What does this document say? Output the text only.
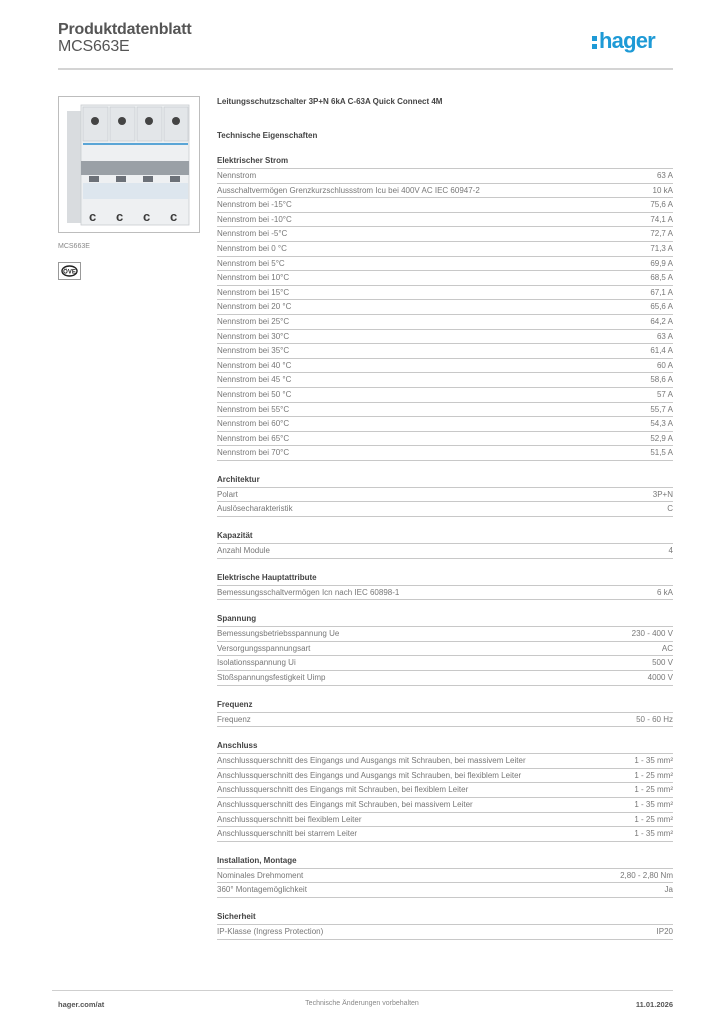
Produktdatenblatt
MCS663E	hager
c c c c
MCS663E
ÖVE
Leitungsschutzschalter 3P+N 6kA C-63A Quick Connect 4M
Technische Eigenschaften
Elektrischer Strom
Nennstrom	63 A
Ausschaltvermögen Grenzkurzschlussstrom Icu bei 400V AC IEC 60947-2	10 kA
Nennstrom bei -15°C	75,6 A
Nennstrom bei -10°C	74,1 A
Nennstrom bei -5°C	72,7 A
Nennstrom bei 0 °C	71,3 A
Nennstrom bei 5°C	69,9 A
Nennstrom bei 10°C	68,5 A
Nennstrom bei 15°C	67,1 A
Nennstrom bei 20 °C	65,6 A
Nennstrom bei 25°C	64,2 A
Nennstrom bei 30°C	63 A
Nennstrom bei 35°C	61,4 A
Nennstrom bei 40 °C	60 A
Nennstrom bei 45 °C	58,6 A
Nennstrom bei 50 °C	57 A
Nennstrom bei 55°C	55,7 A
Nennstrom bei 60°C	54,3 A
Nennstrom bei 65°C	52,9 A
Nennstrom bei 70°C	51,5 A
Architektur
Polart	3P+N
Auslösecharakteristik	C
Kapazität
Anzahl Module	4
Elektrische Hauptattribute
Bemessungsschaltvermögen Icn nach IEC 60898-1	6 kA
Spannung
Bemessungsbetriebsspannung Ue	230 - 400 V
Versorgungsspannungsart	AC
Isolationsspannung Ui	500 V
Stoßspannungsfestigkeit Uimp	4000 V
Frequenz
Frequenz	50 - 60 Hz
Anschluss
Anschlussquerschnitt des Eingangs und Ausgangs mit Schrauben, bei massivem Leiter	1 - 35 mm²
Anschlussquerschnitt des Eingangs und Ausgangs mit Schrauben, bei flexiblem Leiter	1 - 25 mm²
Anschlussquerschnitt des Eingangs mit Schrauben, bei flexiblem Leiter	1 - 25 mm²
Anschlussquerschnitt des Eingangs mit Schrauben, bei massivem Leiter	1 - 35 mm²
Anschlussquerschnitt bei flexiblem Leiter	1 - 25 mm²
Anschlussquerschnitt bei starrem Leiter	1 - 35 mm²
Installation, Montage
Nominales Drehmoment	2,80 - 2,80 Nm
360° Montagemöglichkeit	Ja
Sicherheit
IP-Klasse (Ingress Protection)	IP20
hager.com/at	Technische Änderungen vorbehalten	11.01.2026
